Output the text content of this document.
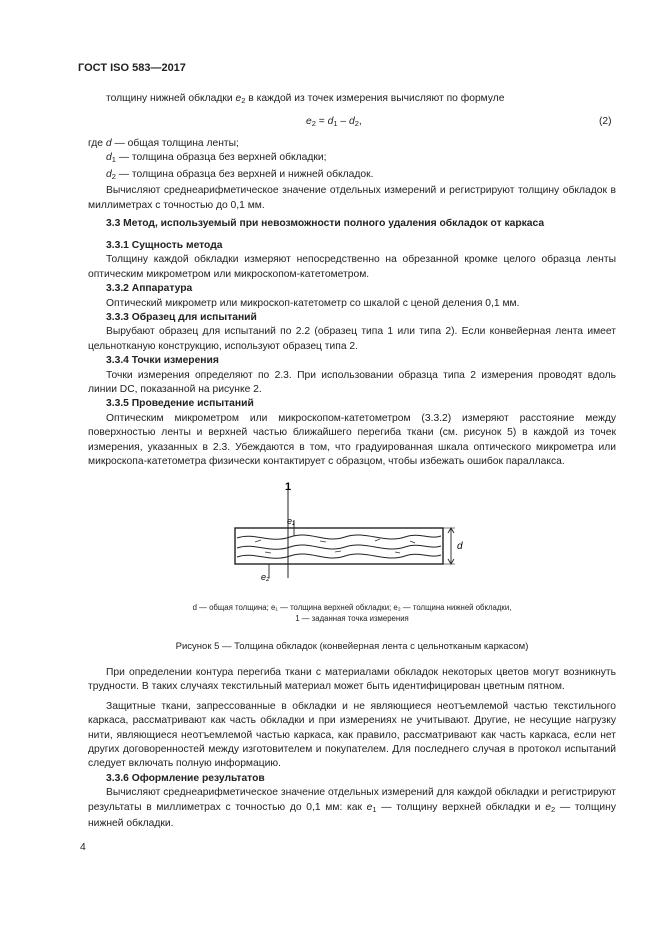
ГОСТ ISO 583—2017

толщину нижней обкладки $e_2$ в каждой из точек измерения вычисляют по формуле

$e_2 = d_1 - d_2$,	(2)
где d — общая толщина ленты;
$d_1$ — толщина образца без верхней обкладки;
$d_2$ — толщина образца без верхней и нижней обкладок.

Вычисляют среднеарифметическое значение отдельных измерений и регистрируют толщину обкладок в миллиметрах с точностью до 0,1 мм.

3.3 Метод, используемый при невозможности полного удаления обкладок от каркаса
3.3.1 Сущность метода

Толщину каждой обкладки измеряют непосредственно на обрезанной кромке целого образца ленты оптическим микрометром или микроскопом-катетометром.

3.3.2 Аппаратура

Оптический микрометр или микроскоп-катетометр со шкалой с ценой деления 0,1 мм.

3.3.3 Образец для испытаний

Вырубают образец для испытаний по 2.2 (образец типа 1 или типа 2). Если конвейерная лента имеет цельнотканую конструкцию, используют образец типа 2.

3.3.4 Точки измерения

Точки измерения определяют по 2.3. При использовании образца типа 2 измерения проводят вдоль линии DC, показанной на рисунке 2.

3.3.5 Проведение испытаний

Оптическим микрометром или микроскопом-катетометром (3.3.2) измеряют расстояние между поверхностью ленты и верхней частью ближайшего перегиба ткани (см. рисунок 5) в каждой из точек измерения, указанных в 2.3. Убеждаются в том, что градуированная шкала оптического микрометра или микроскопа-катетометра физически контактирует с образцом, чтобы избежать ошибок параллакса.

1
e₁
e₂
d
d — общая толщина; e₁ — толщина верхней обкладки; e₂ — толщина нижней обкладки,
1 — заданная точка измерения
Рисунок 5 — Толщина обкладок (конвейерная лента с цельнотканым каркасом)

При определении контура перегиба ткани с материалами обкладок некоторых цветов могут возникнуть трудности. В таких случаях текстильный материал может быть идентифицирован цветным пятном.

Защитные ткани, запрессованные в обкладки и не являющиеся неотъемлемой частью текстильного каркаса, рассматривают как часть обкладки и при измерениях не учитывают. Другие, не несущие нагрузку нити, являющиеся неотъемлемой частью каркаса, как правило, рассматривают как часть каркаса, если нет других договоренностей между изготовителем и покупателем. Для последнего случая в протокол испытаний следует включать полную информацию.

3.3.6 Оформление результатов

Вычисляют среднеарифметическое значение отдельных измерений для каждой обкладки и регистрируют результаты в миллиметрах с точностью до 0,1 мм: как $e_1$ — толщину верхней обкладки и $e_2$ — толщину нижней обкладки.

4
